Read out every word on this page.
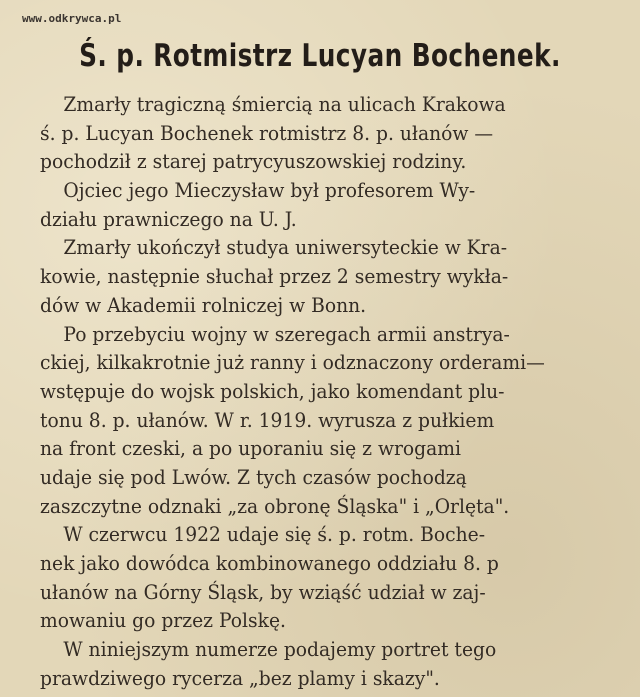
www.odkrywca.pl
Ś. p. Rotmistrz Lucyan Bochenek.
Zmarły tragiczną śmiercią na ulicach Krakowa
ś. p. Lucyan Bochenek rotmistrz 8. p. ułanów —
pochodził z starej patrycyuszowskiej rodziny.
Ojciec jego Mieczysław był profesorem Wy-
działu prawniczego na U. J.
Zmarły ukończył studya uniwersyteckie w Kra-
kowie, następnie słuchał przez 2 semestry wykła-
dów w Akademii rolniczej w Bonn.
Po przebyciu wojny w szeregach armii anstrya-
ckiej, kilkakrotnie już ranny i odznaczony orderami—
wstępuje do wojsk polskich, jako komendant plu-
tonu 8. p. ułanów. W r. 1919. wyrusza z pułkiem
na front czeski, a po uporaniu się z wrogami
udaje się pod Lwów. Z tych czasów pochodzą
zaszczytne odznaki „za obronę Śląska" i „Orlęta".
W czerwcu 1922 udaje się ś. p. rotm. Boche-
nek jako dowódca kombinowanego oddziału 8. p
ułanów na Górny Śląsk, by wziąść udział w zaj-
mowaniu go przez Polskę.
W niniejszym numerze podajemy portret tego
prawdziwego rycerza „bez plamy i skazy".
